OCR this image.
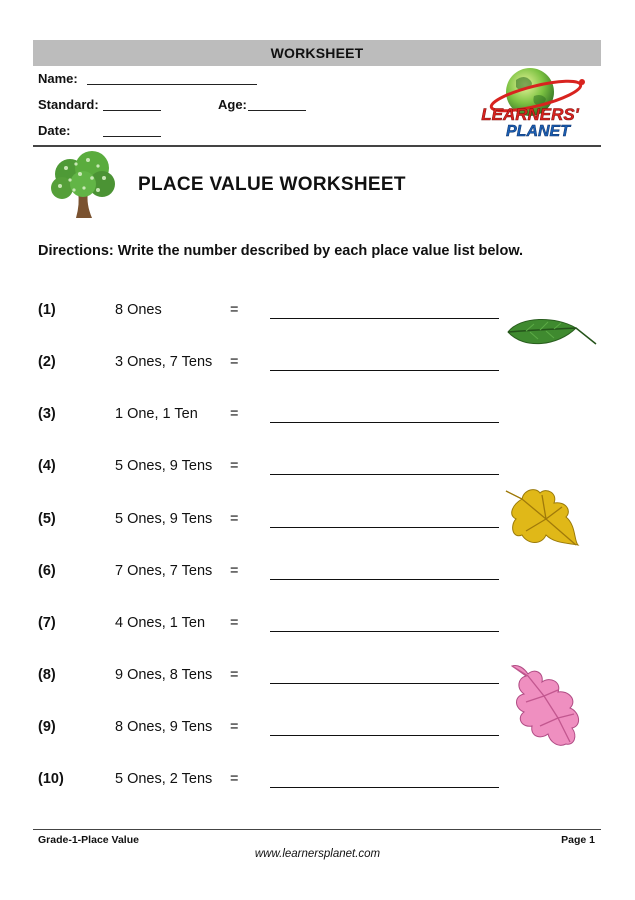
WORKSHEET
Name:
Standard:	Age:
Date:
LEARNERS'
PLANET
PLACE VALUE WORKSHEET
Directions: Write the number described by each place value list below.
(1)	8 Ones	=
(2)	3 Ones, 7 Tens =
(3)	1 One, 1 Ten =
(4)	5 Ones, 9 Tens =
(5)	5 Ones, 9 Tens =
(6)	7 Ones, 7 Tens =
(7)	4 Ones, 1 Ten =
(8)	9 Ones, 8 Tens =
(9)	8 Ones, 9 Tens =
(10)	5 Ones, 2 Tens =
Grade-1-Place Value	Page 1
www.learnersplanet.com
